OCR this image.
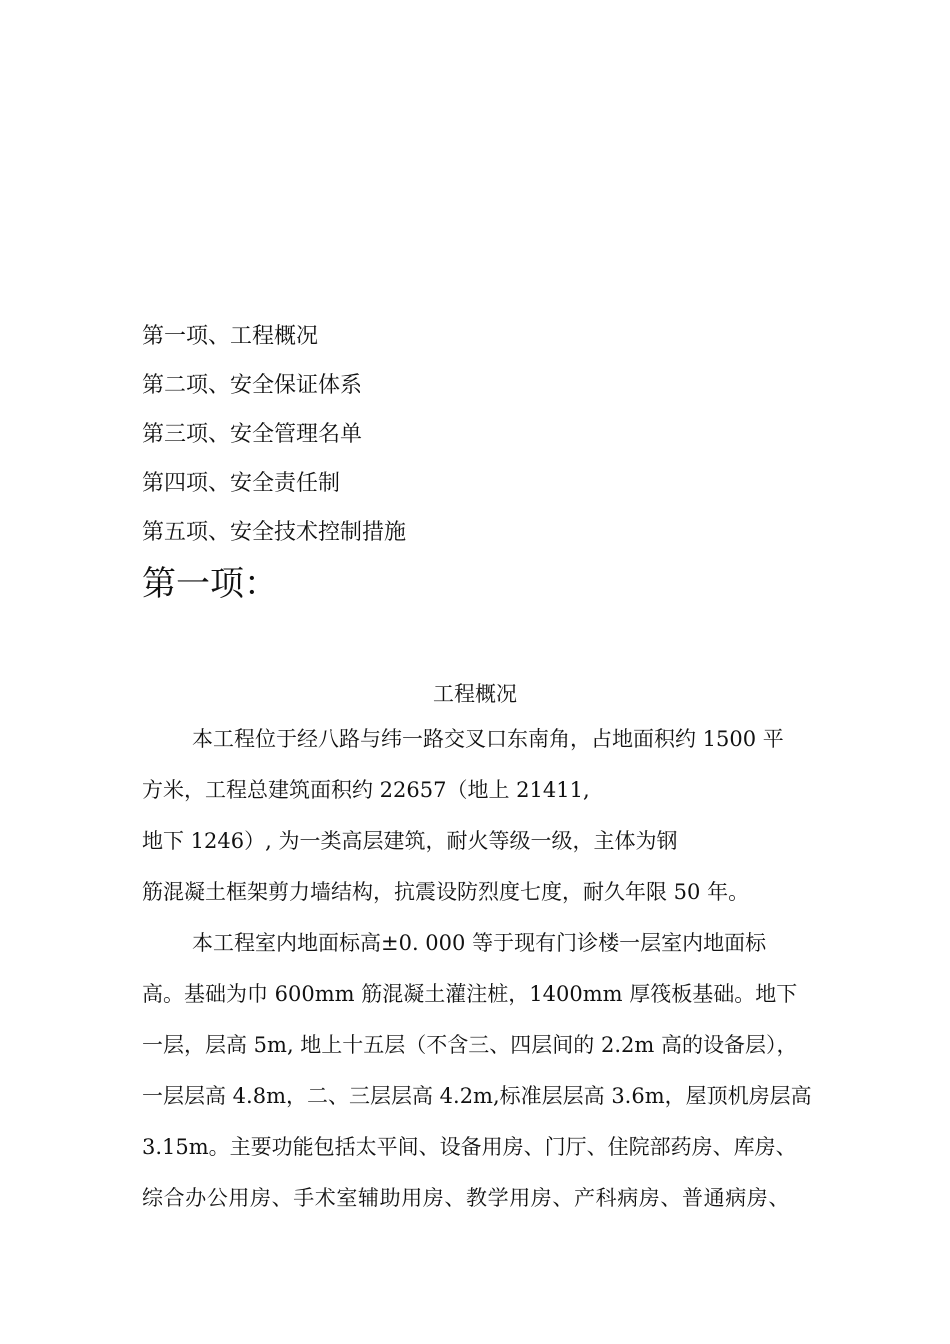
第一项、工程概况
第二项、安全保证体系
第三项、安全管理名单
第四项、安全责任制
第五项、安全技术控制措施
第一项：
工程概况
本工程位于经八路与纬一路交叉口东南角，占地面积约 1500 平
方米，工程总建筑面积约 22657（地上 21411,
地下 1246）, 为一类高层建筑，耐火等级一级，主体为钢
筋混凝土框架剪力墙结构，抗震设防烈度七度，耐久年限 50 年。
本工程室内地面标高±0. 000 等于现有门诊楼一层室内地面标
高。基础为巾 600mm 筋混凝土灌注桩，1400mm 厚筏板基础。地下
一层，层高 5m, 地上十五层（不含三、四层间的 2.2m 高的设备层），
一层层高 4.8m，二、三层层高 4.2m,标准层层高 3.6m，屋顶机房层高
3.15m。主要功能包括太平间、设备用房、门厅、住院部药房、库房、
综合办公用房、手术室辅助用房、教学用房、产科病房、普通病房、
